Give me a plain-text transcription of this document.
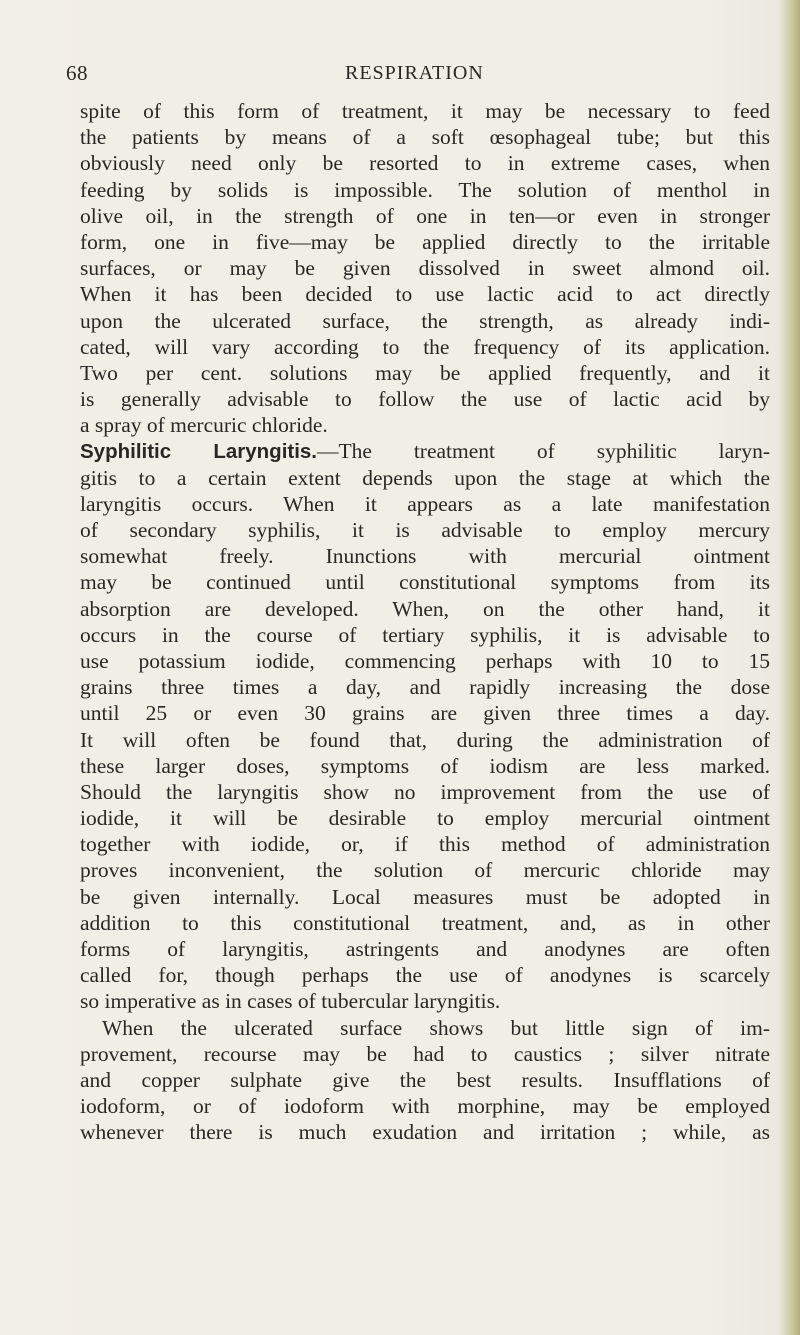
68	RESPIRATION
spite of this form of treatment, it may be necessary to feed
the patients by means of a soft œsophageal tube; but this
obviously need only be resorted to in extreme cases, when
feeding by solids is impossible. The solution of menthol in
olive oil, in the strength of one in ten—or even in stronger
form, one in five—may be applied directly to the irritable
surfaces, or may be given dissolved in sweet almond oil.
When it has been decided to use lactic acid to act directly
upon the ulcerated surface, the strength, as already indi-
cated, will vary according to the frequency of its application.
Two per cent. solutions may be applied frequently, and it
is generally advisable to follow the use of lactic acid by
a spray of mercuric chloride.
Syphilitic Laryngitis.—The treatment of syphilitic laryn-
gitis to a certain extent depends upon the stage at which the
laryngitis occurs. When it appears as a late manifestation
of secondary syphilis, it is advisable to employ mercury
somewhat freely. Inunctions with mercurial ointment
may be continued until constitutional symptoms from its
absorption are developed. When, on the other hand, it
occurs in the course of tertiary syphilis, it is advisable to
use potassium iodide, commencing perhaps with 10 to 15
grains three times a day, and rapidly increasing the dose
until 25 or even 30 grains are given three times a day.
It will often be found that, during the administration of
these larger doses, symptoms of iodism are less marked.
Should the laryngitis show no improvement from the use of
iodide, it will be desirable to employ mercurial ointment
together with iodide, or, if this method of administration
proves inconvenient, the solution of mercuric chloride may
be given internally. Local measures must be adopted in
addition to this constitutional treatment, and, as in other
forms of laryngitis, astringents and anodynes are often
called for, though perhaps the use of anodynes is scarcely
so imperative as in cases of tubercular laryngitis.
When the ulcerated surface shows but little sign of im-
provement, recourse may be had to caustics ; silver nitrate
and copper sulphate give the best results. Insufflations of
iodoform, or of iodoform with morphine, may be employed
whenever there is much exudation and irritation ; while, as
